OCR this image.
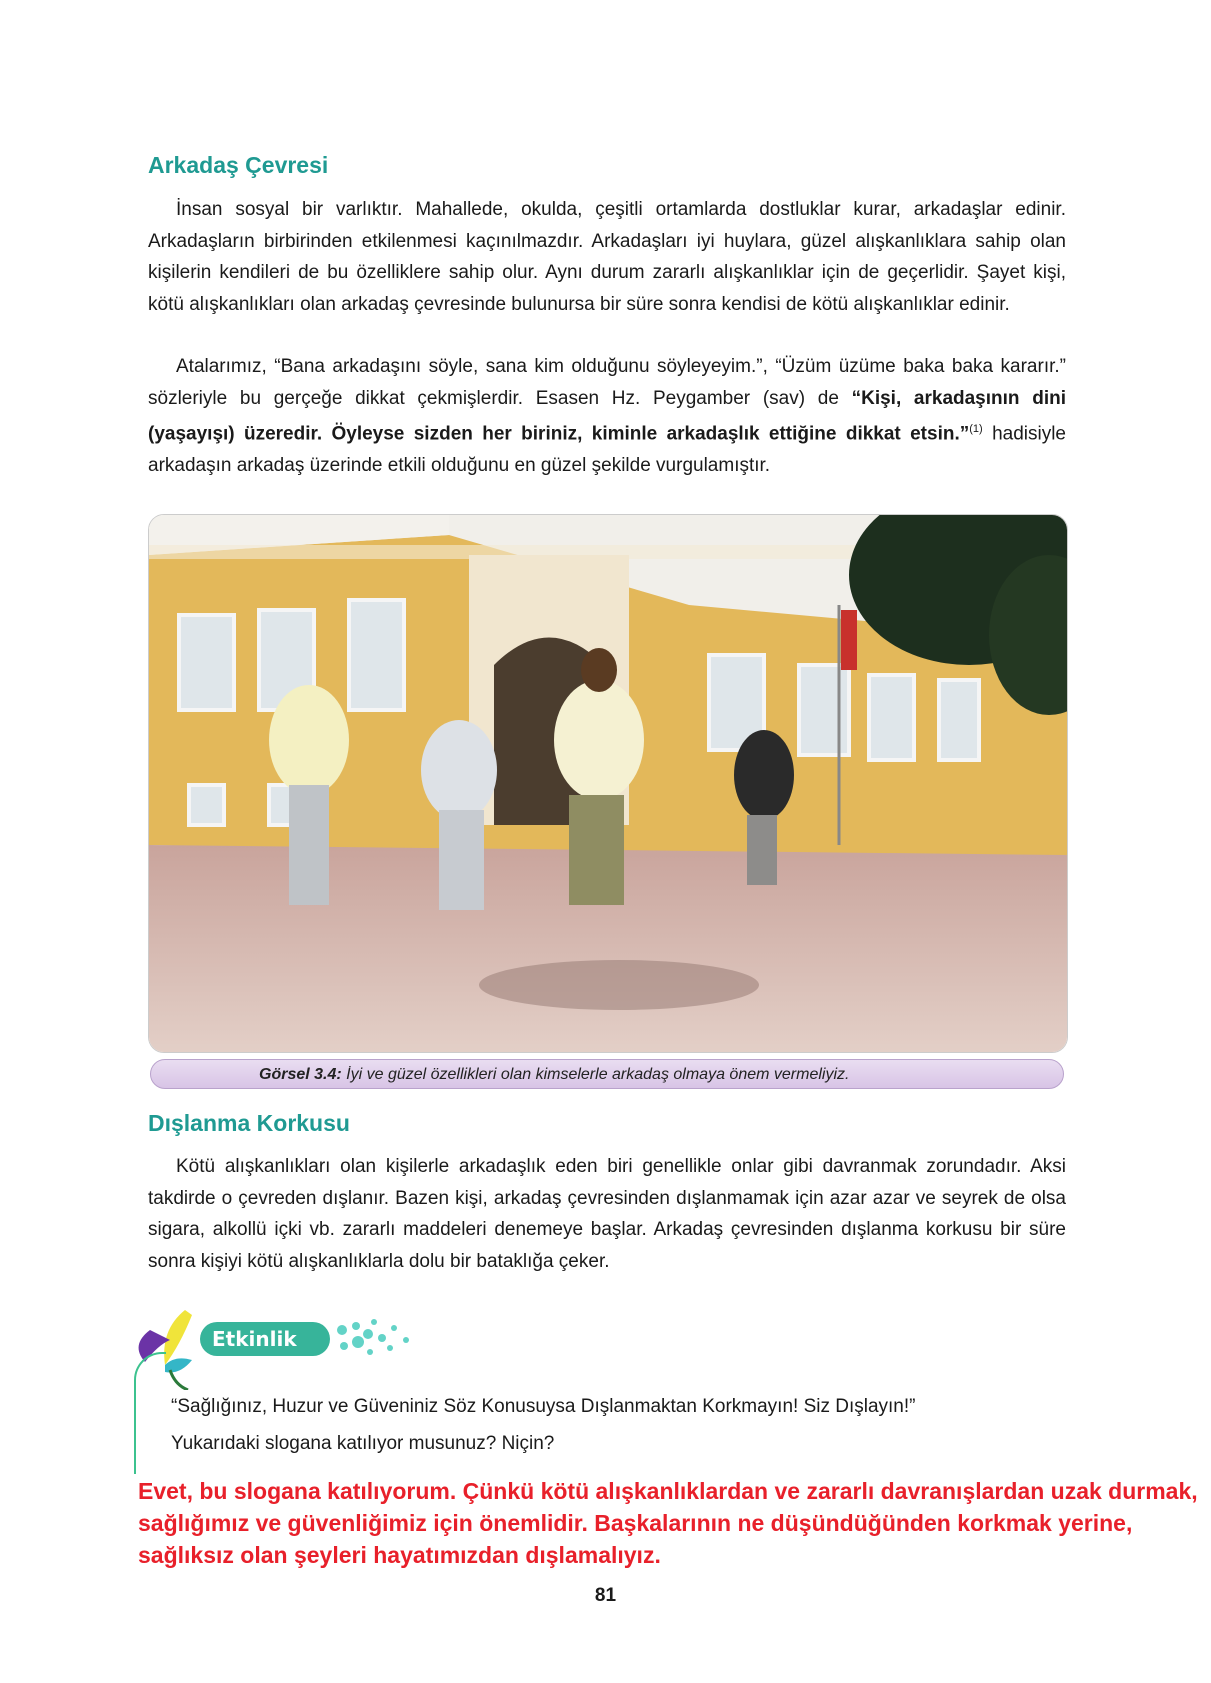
Arkadaş Çevresi

İnsan sosyal bir varlıktır. Mahallede, okulda, çeşitli ortamlarda dostluklar kurar, arkadaşlar edinir. Arkadaşların birbirinden etkilenmesi kaçınılmazdır. Arkadaşları iyi huylara, güzel alışkanlıklara sahip olan kişilerin kendileri de bu özelliklere sahip olur. Aynı durum zararlı alışkanlıklar için de geçerlidir. Şayet kişi, kötü alışkanlıkları olan arkadaş çevresinde bulunursa bir süre sonra kendisi de kötü alışkanlıklar edinir.

Atalarımız, “Bana arkadaşını söyle, sana kim olduğunu söyleyeyim.”, “Üzüm üzüme baka baka kararır.” sözleriyle bu gerçeğe dikkat çekmişlerdir. Esasen Hz. Peygamber (sav) de “Kişi, arkadaşının dini (yaşayışı) üzeredir. Öyleyse sizden her biriniz, kiminle arkadaşlık ettiğine dikkat etsin.”$^{(1)}$ hadisiyle arkadaşın arkadaş üzerinde etkili olduğunu en güzel şekilde vurgulamıştır.

Görsel 3.4: İyi ve güzel özellikleri olan kimselerle arkadaş olmaya önem vermeliyiz.
Dışlanma Korkusu

Kötü alışkanlıkları olan kişilerle arkadaşlık eden biri genellikle onlar gibi davranmak zorundadır. Aksi takdirde o çevreden dışlanır. Bazen kişi, arkadaş çevresinden dışlanmamak için azar azar ve seyrek de olsa sigara, alkollü içki vb. zararlı maddeleri denemeye başlar. Arkadaş çevresinden dışlanma korkusu bir süre sonra kişiyi kötü alışkanlıklarla dolu bir bataklığa çeker.

Etkinlik

“Sağlığınız, Huzur ve Güveniniz Söz Konusuysa Dışlanmaktan Korkmayın! Siz Dışlayın!”

Yukarıdaki slogana katılıyor musunuz? Niçin?

Evet, bu slogana katılıyorum. Çünkü kötü alışkanlıklardan ve zararlı davranışlardan uzak durmak, sağlığımız ve güvenliğimiz için önemlidir. Başkalarının ne düşündüğünden korkmak yerine, sağlıksız olan şeyleri hayatımızdan dışlamalıyız.

81
